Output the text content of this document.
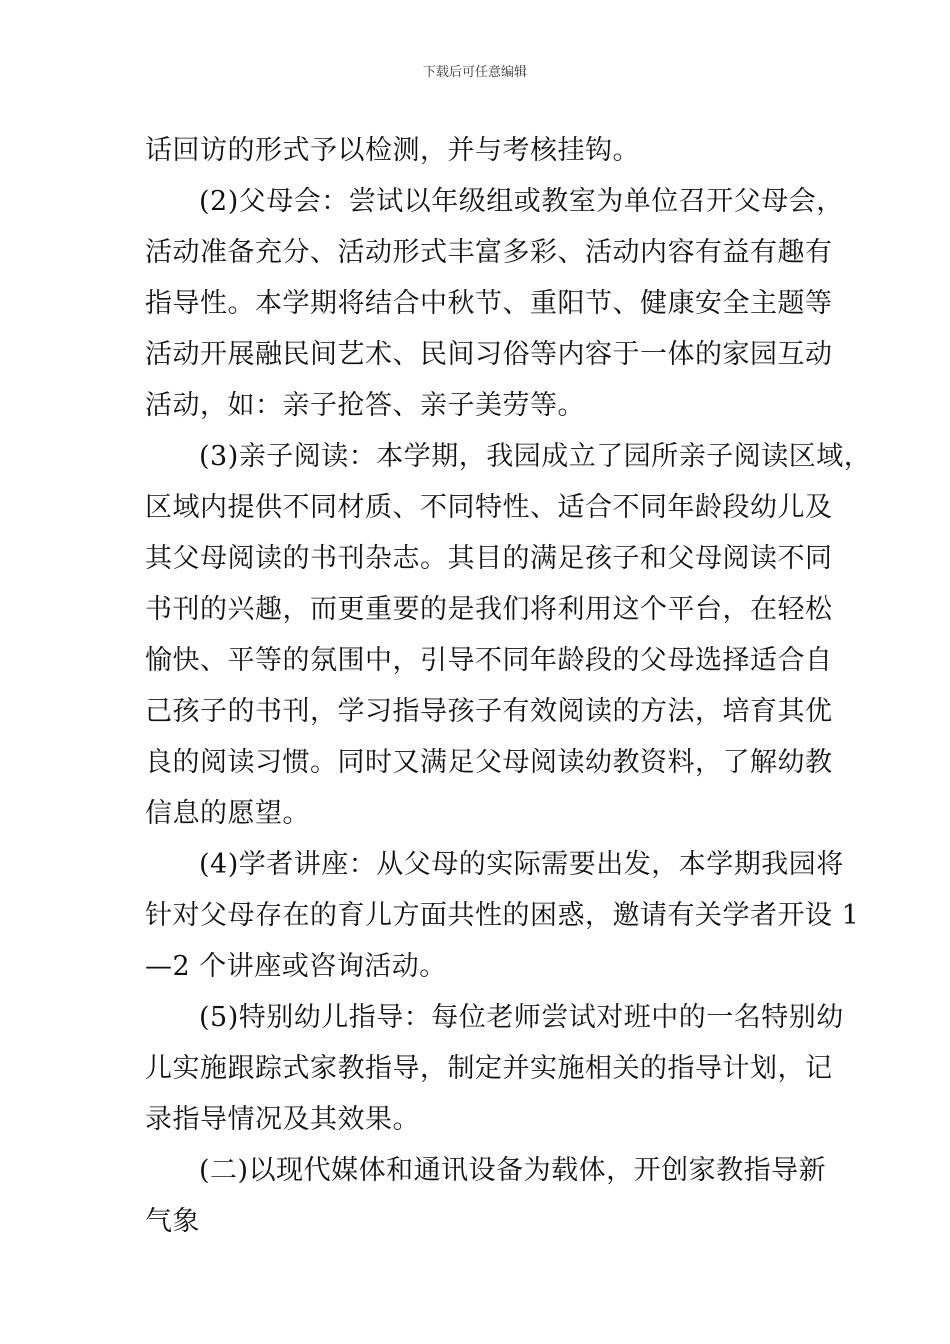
下载后可任意编辑
话回访的形式予以检测，并与考核挂钩。
(2)父母会：尝试以年级组或教室为单位召开父母会，
活动准备充分、活动形式丰富多彩、活动内容有益有趣有
指导性。本学期将结合中秋节、重阳节、健康安全主题等
活动开展融民间艺术、民间习俗等内容于一体的家园互动
活动，如：亲子抢答、亲子美劳等。
(3)亲子阅读：本学期，我园成立了园所亲子阅读区域，
区域内提供不同材质、不同特性、适合不同年龄段幼儿及
其父母阅读的书刊杂志。其目的满足孩子和父母阅读不同
书刊的兴趣，而更重要的是我们将利用这个平台，在轻松
愉快、平等的氛围中，引导不同年龄段的父母选择适合自
己孩子的书刊，学习指导孩子有效阅读的方法，培育其优
良的阅读习惯。同时又满足父母阅读幼教资料，了解幼教
信息的愿望。
(4)学者讲座：从父母的实际需要出发，本学期我园将
针对父母存在的育儿方面共性的困惑，邀请有关学者开设 1
—2 个讲座或咨询活动。
(5)特别幼儿指导：每位老师尝试对班中的一名特别幼
儿实施跟踪式家教指导，制定并实施相关的指导计划，记
录指导情况及其效果。
(二)以现代媒体和通讯设备为载体，开创家教指导新
气象
